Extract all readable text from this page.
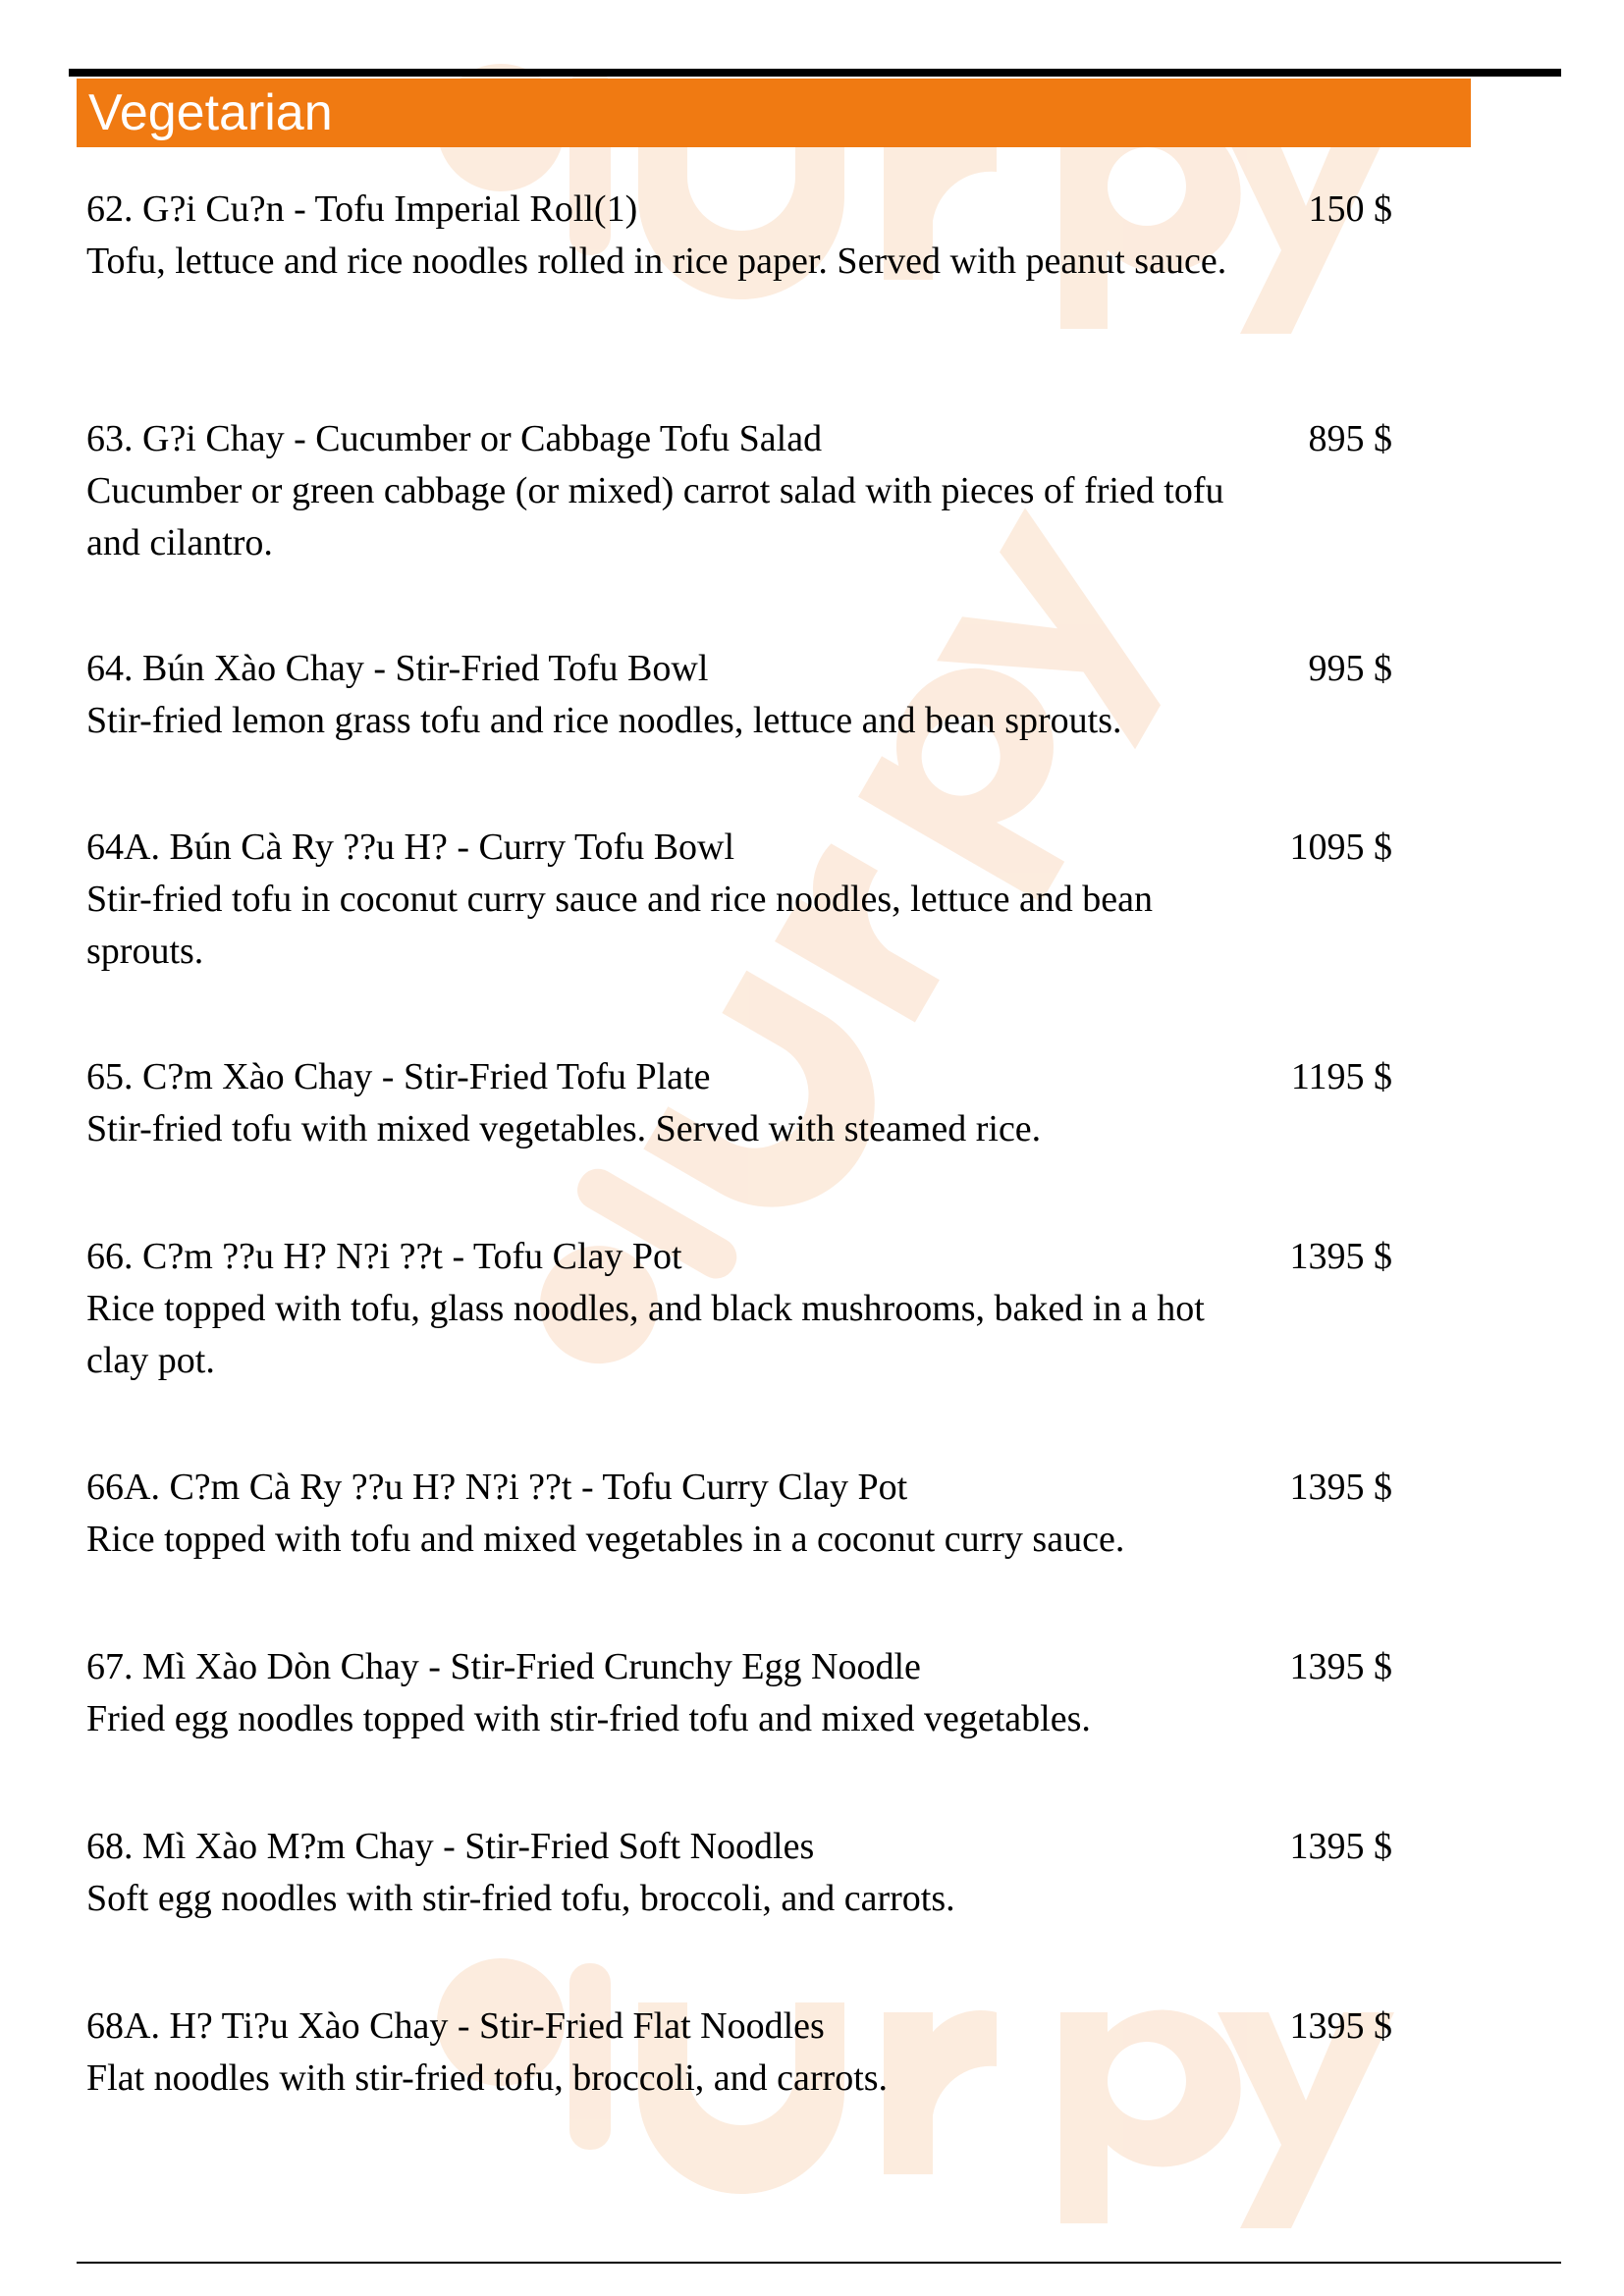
Vegetarian
62. G?i Cu?n - Tofu Imperial Roll(1)	150 $
Tofu, lettuce and rice noodles rolled in rice paper. Served with peanut sauce.
63. G?i Chay - Cucumber or Cabbage Tofu Salad	895 $
Cucumber or green cabbage (or mixed) carrot salad with pieces of fried tofu and cilantro.
64. Bún Xào Chay - Stir-Fried Tofu Bowl	995 $
Stir-fried lemon grass tofu and rice noodles, lettuce and bean sprouts.
64A. Bún Cà Ry ??u H? - Curry Tofu Bowl	1095 $
Stir-fried tofu in coconut curry sauce and rice noodles, lettuce and bean sprouts.
65. C?m Xào Chay - Stir-Fried Tofu Plate	1195 $
Stir-fried tofu with mixed vegetables. Served with steamed rice.
66. C?m ??u H? N?i ??t - Tofu Clay Pot	1395 $
Rice topped with tofu, glass noodles, and black mushrooms, baked in a hot clay pot.
66A. C?m Cà Ry ??u H? N?i ??t - Tofu Curry Clay Pot	1395 $
Rice topped with tofu and mixed vegetables in a coconut curry sauce.
67. Mì Xào Dòn Chay - Stir-Fried Crunchy Egg Noodle	1395 $
Fried egg noodles topped with stir-fried tofu and mixed vegetables.
68. Mì Xào M?m Chay - Stir-Fried Soft Noodles	1395 $
Soft egg noodles with stir-fried tofu, broccoli, and carrots.
68A. H? Ti?u Xào Chay - Stir-Fried Flat Noodles	1395 $
Flat noodles with stir-fried tofu, broccoli, and carrots.
